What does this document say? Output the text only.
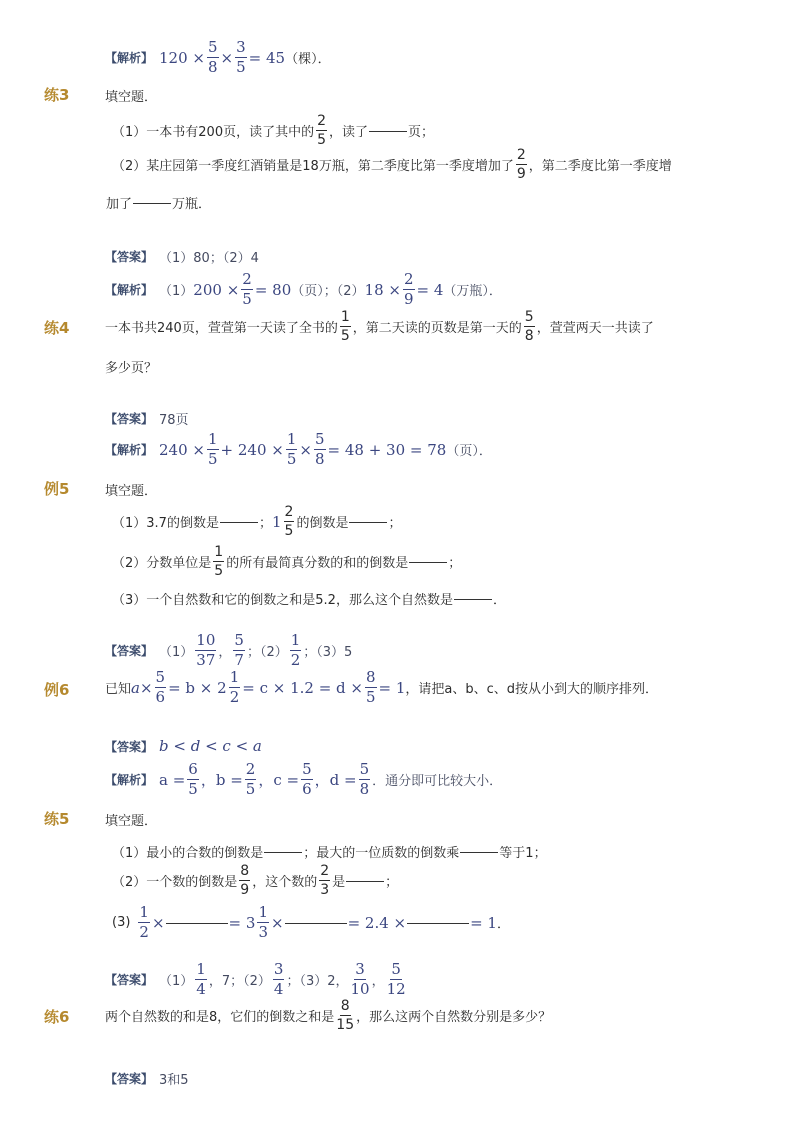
【解析】 $120 \times \frac{5}{8} \times \frac{3}{5} = 45$ （棵）．
练3	填空题．
（1）一本书有200页，读了其中的 $\frac{2}{5}$ ，读了	页；
（2）某庄园第一季度红酒销量是18万瓶，第二季度比第一季度增加了 $\frac{2}{9}$ ，第二季度比第一季度增
加了	万瓶．
【答案】 （1）80；（2）4
【解析】 （1） $200 \times \frac{2}{5} = 80$ （页）；（2） $18 \times \frac{2}{9} = 4$ （万瓶）．
练4	一本书共240页，萱萱第一天读了全书的 $\frac{1}{5}$ ，第二天读的页数是第一天的 $\frac{5}{8}$ ，萱萱两天一共读了
多少页？
【答案】 78页
【解析】 $240 \times \frac{1}{5} + 240 \times \frac{1}{5} \times \frac{5}{8} = 48 + 30 = 78$ （页）．
例5	填空题．
（1）3.7的倒数是	； $1 \frac{2}{5}$ 的倒数是	；
（2）分数单位是 $\frac{1}{5}$ 的所有最简真分数的和的倒数是	；
（3）一个自然数和它的倒数之和是5.2，那么这个自然数是	．
【答案】 $(1) \frac{10}{37}$ ， $\frac{5}{7}$ ；$(2) \frac{1}{2}$ ；（3）5
例6	已知 $a \times \frac{5}{6} = b \times 2 \frac{1}{2} = c \times 1.2 = d \times \frac{8}{5} = 1$ ，请把a、b、c、d按从小到大的顺序排列．
【答案】 b < d < c < a
【解析】 $a = \frac{6}{5}$ ，$b = \frac{2}{5}$ ，$c = \frac{5}{6}$ ，$d = \frac{5}{8}$ ．通分即可比较大小．
练5	填空题．
（1）最小的合数的倒数是	；最大的一位质数的倒数乘	等于1；
（2）一个数的倒数是 $\frac{8}{9}$ ，这个数的 $\frac{2}{3}$ 是	；
$(3) \frac{1}{2}$ ×	= $3 \frac{1}{3}$ ×	= 2.4 ×	= 1 ．
【答案】 $(1) \frac{1}{4}$ ，7；$(2) \frac{3}{4}$ ；（3）2， $\frac{3}{10}$ ， $\frac{5}{12}$
练6	两个自然数的和是8，它们的倒数之和是 $\frac{8}{15}$ ，那么这两个自然数分别是多少？
【答案】 3和5
